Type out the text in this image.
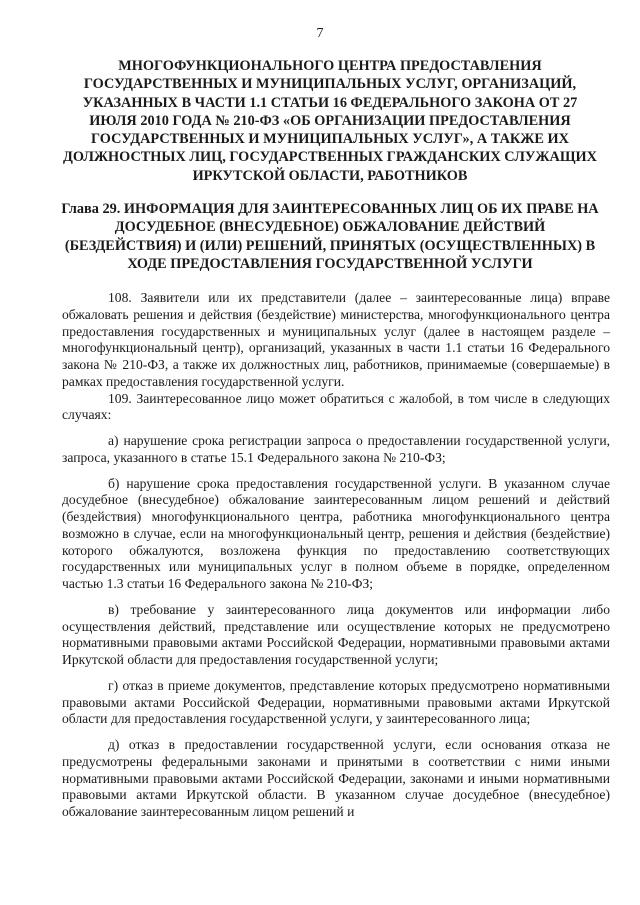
7
МНОГОФУНКЦИОНАЛЬНОГО ЦЕНТРА ПРЕДОСТАВЛЕНИЯ ГОСУДАРСТВЕННЫХ И МУНИЦИПАЛЬНЫХ УСЛУГ, ОРГАНИЗАЦИЙ, УКАЗАННЫХ В ЧАСТИ 1.1 СТАТЬИ 16 ФЕДЕРАЛЬНОГО ЗАКОНА ОТ 27 ИЮЛЯ 2010 ГОДА № 210-ФЗ «ОБ ОРГАНИЗАЦИИ ПРЕДОСТАВЛЕНИЯ ГОСУДАРСТВЕННЫХ И МУНИЦИПАЛЬНЫХ УСЛУГ», А ТАКЖЕ ИХ ДОЛЖНОСТНЫХ ЛИЦ, ГОСУДАРСТВЕННЫХ ГРАЖДАНСКИХ СЛУЖАЩИХ ИРКУТСКОЙ ОБЛАСТИ, РАБОТНИКОВ
Глава 29. ИНФОРМАЦИЯ ДЛЯ ЗАИНТЕРЕСОВАННЫХ ЛИЦ ОБ ИХ ПРАВЕ НА ДОСУДЕБНОЕ (ВНЕСУДЕБНОЕ) ОБЖАЛОВАНИЕ ДЕЙСТВИЙ (БЕЗДЕЙСТВИЯ) И (ИЛИ) РЕШЕНИЙ, ПРИНЯТЫХ (ОСУЩЕСТВЛЕННЫХ) В ХОДЕ ПРЕДОСТАВЛЕНИЯ ГОСУДАРСТВЕННОЙ УСЛУГИ

108. Заявители или их представители (далее – заинтересованные лица) вправе обжаловать решения и действия (бездействие) министерства, многофункционального центра предоставления государственных и муниципальных услуг (далее в настоящем разделе – многофункциональный центр), организаций, указанных в части 1.1 статьи 16 Федерального закона № 210-ФЗ, а также их должностных лиц, работников, принимаемые (совершаемые) в рамках предоставления государственной услуги.

109. Заинтересованное лицо может обратиться с жалобой, в том числе в следующих случаях:

а) нарушение срока регистрации запроса о предоставлении государственной услуги, запроса, указанного в статье 15.1 Федерального закона № 210-ФЗ;

б) нарушение срока предоставления государственной услуги. В указанном случае досудебное (внесудебное) обжалование заинтересованным лицом решений и действий (бездействия) многофункционального центра, работника многофункционального центра возможно в случае, если на многофункциональный центр, решения и действия (бездействие) которого обжалуются, возложена функция по предоставлению соответствующих государственных или муниципальных услуг в полном объеме в порядке, определенном частью 1.3 статьи 16 Федерального закона № 210-ФЗ;

в) требование у заинтересованного лица документов или информации либо осуществления действий, представление или осуществление которых не предусмотрено нормативными правовыми актами Российской Федерации, нормативными правовыми актами Иркутской области для предоставления государственной услуги;

г) отказ в приеме документов, представление которых предусмотрено нормативными правовыми актами Российской Федерации, нормативными правовыми актами Иркутской области для предоставления государственной услуги, у заинтересованного лица;

д) отказ в предоставлении государственной услуги, если основания отказа не предусмотрены федеральными законами и принятыми в соответствии с ними иными нормативными правовыми актами Российской Федерации, законами и иными нормативными правовыми актами Иркутской области. В указанном случае досудебное (внесудебное) обжалование заинтересованным лицом решений и
